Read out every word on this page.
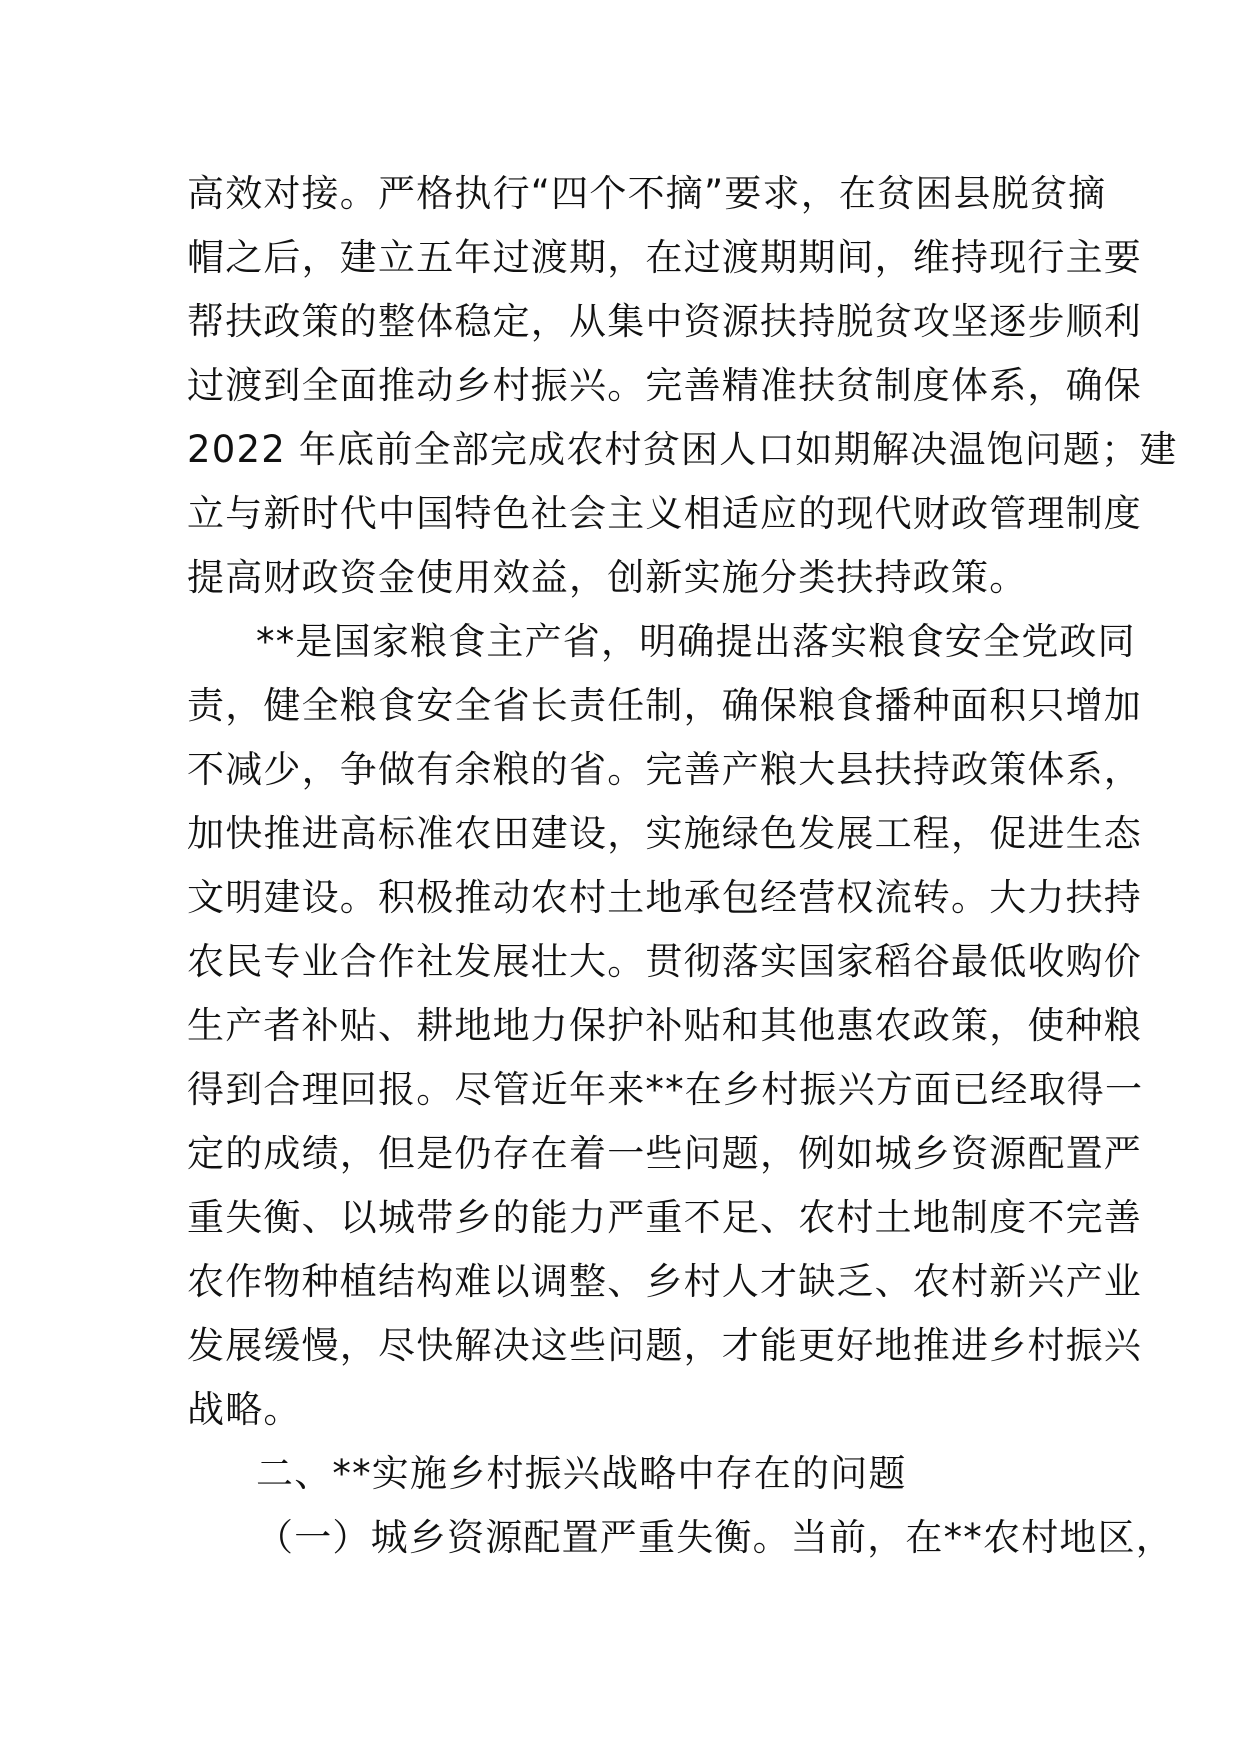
高效对接。严格执行“四个不摘”要求，在贫困县脱贫摘
帽之后，建立五年过渡期，在过渡期期间，维持现行主要
帮扶政策的整体稳定，从集中资源扶持脱贫攻坚逐步顺利
过渡到全面推动乡村振兴。完善精准扶贫制度体系，确保
2022 年底前全部完成农村贫困人口如期解决温饱问题；建
立与新时代中国特色社会主义相适应的现代财政管理制度
提高财政资金使用效益，创新实施分类扶持政策。

**是国家粮食主产省，明确提出落实粮食安全党政同
责，健全粮食安全省长责任制，确保粮食播种面积只增加
不减少，争做有余粮的省。完善产粮大县扶持政策体系，
加快推进高标准农田建设，实施绿色发展工程，促进生态
文明建设。积极推动农村土地承包经营权流转。大力扶持
农民专业合作社发展壮大。贯彻落实国家稻谷最低收购价
生产者补贴、耕地地力保护补贴和其他惠农政策，使种粮
得到合理回报。尽管近年来**在乡村振兴方面已经取得一
定的成绩，但是仍存在着一些问题，例如城乡资源配置严
重失衡、以城带乡的能力严重不足、农村土地制度不完善
农作物种植结构难以调整、乡村人才缺乏、农村新兴产业
发展缓慢，尽快解决这些问题，才能更好地推进乡村振兴
战略。

二、**实施乡村振兴战略中存在的问题

（一）城乡资源配置严重失衡。当前，在**农村地区，
